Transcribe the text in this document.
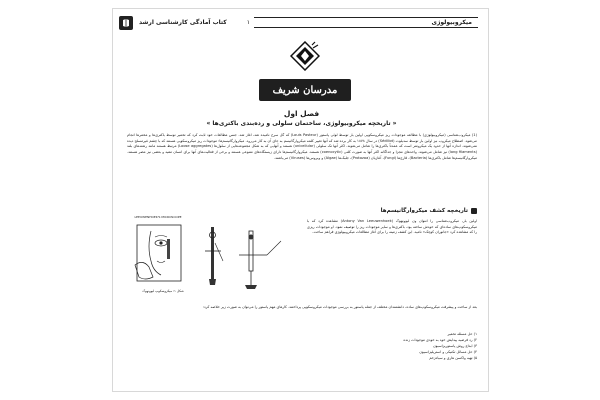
کتاب آمادگی کارشناسی ارشد	۱	میکروبیولوژی
مدرسان شریف
فصل اول
« تاریخچه میکروبیولوژی، ساختمان سلولی و رده‌بندی باکتری‌ها »

(1) میکروب‌شناسی (میکروبیولوژی) با مطالعه موجودات ریز میکروسکوپی اولین بار توسط لوئی پاستور (Louis Pasteur) که گل سرخ نامیده شد، آغاز شد. جنس مطالعات خود ثابت کرد که تخمیر توسط باکتری‌ها و مخمرها انجام می‌شود. اصطلاح میکروب نیز اولین بار توسط سدیلوت (Sédillot) در سال ۱۸۷۸ به کار برده شد که آنها تغییر کلمه میکروارگانیسم به جای آن به کار می‌رود. میکروارگانیسم‌ها: موجودات ریز میکروسکوپی هستند که با چشم غیرمسلح دیده نمی‌شوند. اندازه آنها از حدود یک میکرومتر است که عمدتاً باکتری‌ها را شامل می‌شوند. اکثر آنها تک سلولی (unicellular) هستند و آنهایی که به شکل مجموعه‌هایی از سلول‌ها (Loose aggregates) مرتبط هستند مانند رشته‌های بلند (long filaments) نیز شامل می‌شوند. واحدهای مجزا و جداگانه اکثر آنها به صورت کلنی (coenocytic) هستند. میکروارگانیسم‌ها دارای زیستگاه‌های متنوعی هستند و برخی از فعالیت‌های آنها برای انسان مفید و بعضی نیز مضر هستند. میکروارگانیسم‌ها شامل باکتری‌ها (Bacteria)، قارچ‌ها (Fungi)، آغازیان (Protozoa)، جلبک‌ها (Algae) و ویروس‌ها (Viruses) می‌باشند.

تاریخچه کشف میکروارگانیسم‌ها

اولین بار، میکروب‌شناسی را آنتوان ون لیوونهوک (Antony Van Leeuwenhoek) مشاهده کرد که با میکروسکوپ‌های ساده‌ای که خودش ساخته بود، باکتری‌ها و سایر موجودات ریز را توصیف نمود. او موجودات ریزی را که مشاهده کرد «جانوران کوچک» نامید. این کشف زمینه را برای آغاز مطالعات میکروبیولوژی فراهم ساخت.

LEEUWENHOEK'S MICROSCOPE
شکل ۱: میکروسکوپ لیوونهوک

بعد از ساخت و پیشرفت میکروسکوپ‌های ساده، دانشمندان مختلف از جمله پاستور به بررسی موجودات میکروسکوپی پرداختند. کارهای مهم پاستور را می‌توان به صورت زیر خلاصه کرد:

۱) حل مسئله تخمیر
۲) رد فرضیه پیدایش خود به خودی موجودات زنده
۳) ابداع روش پاستوریزاسیون
۴) حل مسائل تکنیکی و استریلیزاسیون
۵) تهیه واکسن هاری و سیاه‌زخم
